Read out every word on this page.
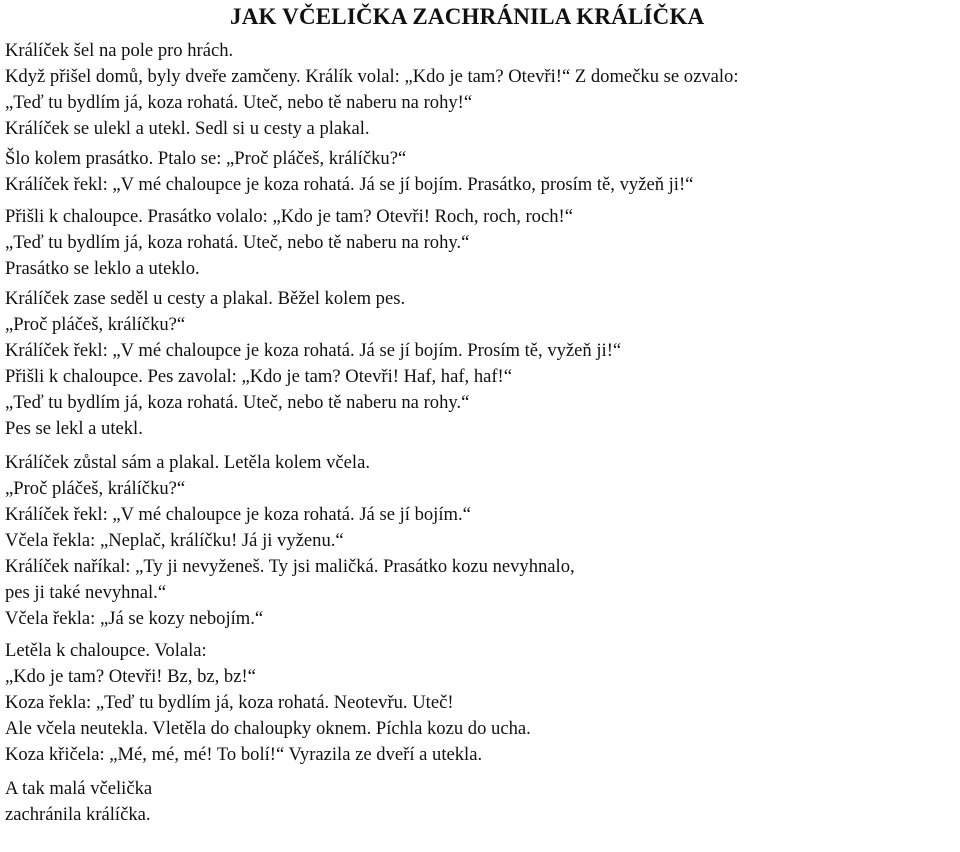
JAK VČELIČKA ZACHRÁNILA KRÁLÍČKA
Králíček šel na pole pro hrách.
Když přišel domů, byly dveře zamčeny. Králík volal: „Kdo je tam? Otevři!“ Z domečku se ozvalo:
„Teď tu bydlím já, koza rohatá. Uteč, nebo tě naberu na rohy!“
Králíček se ulekl a utekl. Sedl si u cesty a plakal.
Šlo kolem prasátko. Ptalo se: „Proč pláčeš, králíčku?“
Králíček řekl: „V mé chaloupce je koza rohatá. Já se jí bojím. Prasátko, prosím tě, vyžeň ji!“
Přišli k chaloupce. Prasátko volalo: „Kdo je tam? Otevři! Roch, roch, roch!“
„Teď tu bydlím já, koza rohatá. Uteč, nebo tě naberu na rohy.“
Prasátko se leklo a uteklo.
Králíček zase seděl u cesty a plakal. Běžel kolem pes.
„Proč pláčeš, králíčku?“
Králíček řekl: „V mé chaloupce je koza rohatá. Já se jí bojím. Prosím tě, vyžeň ji!“
Přišli k chaloupce. Pes zavolal: „Kdo je tam? Otevři! Haf, haf, haf!“
„Teď tu bydlím já, koza rohatá. Uteč, nebo tě naberu na rohy.“
Pes se lekl a utekl.
Králíček zůstal sám a plakal. Letěla kolem včela.
„Proč pláčeš, králíčku?“
Králíček řekl: „V mé chaloupce je koza rohatá. Já se jí bojím.“
Včela řekla: „Neplač, králíčku! Já ji vyženu.“
Králíček naříkal: „Ty ji nevyženeš. Ty jsi maličká. Prasátko kozu nevyhnalo,
pes ji také nevyhnal.“
Včela řekla: „Já se kozy nebojím.“
Letěla k chaloupce. Volala:
„Kdo je tam? Otevři! Bz, bz, bz!“
Koza řekla: „Teď tu bydlím já, koza rohatá. Neotevřu. Uteč!
Ale včela neutekla. Vletěla do chaloupky oknem. Píchla kozu do ucha.
Koza křičela: „Mé, mé, mé! To bolí!“ Vyrazila ze dveří a utekla.
A tak malá včelička
zachránila králíčka.
